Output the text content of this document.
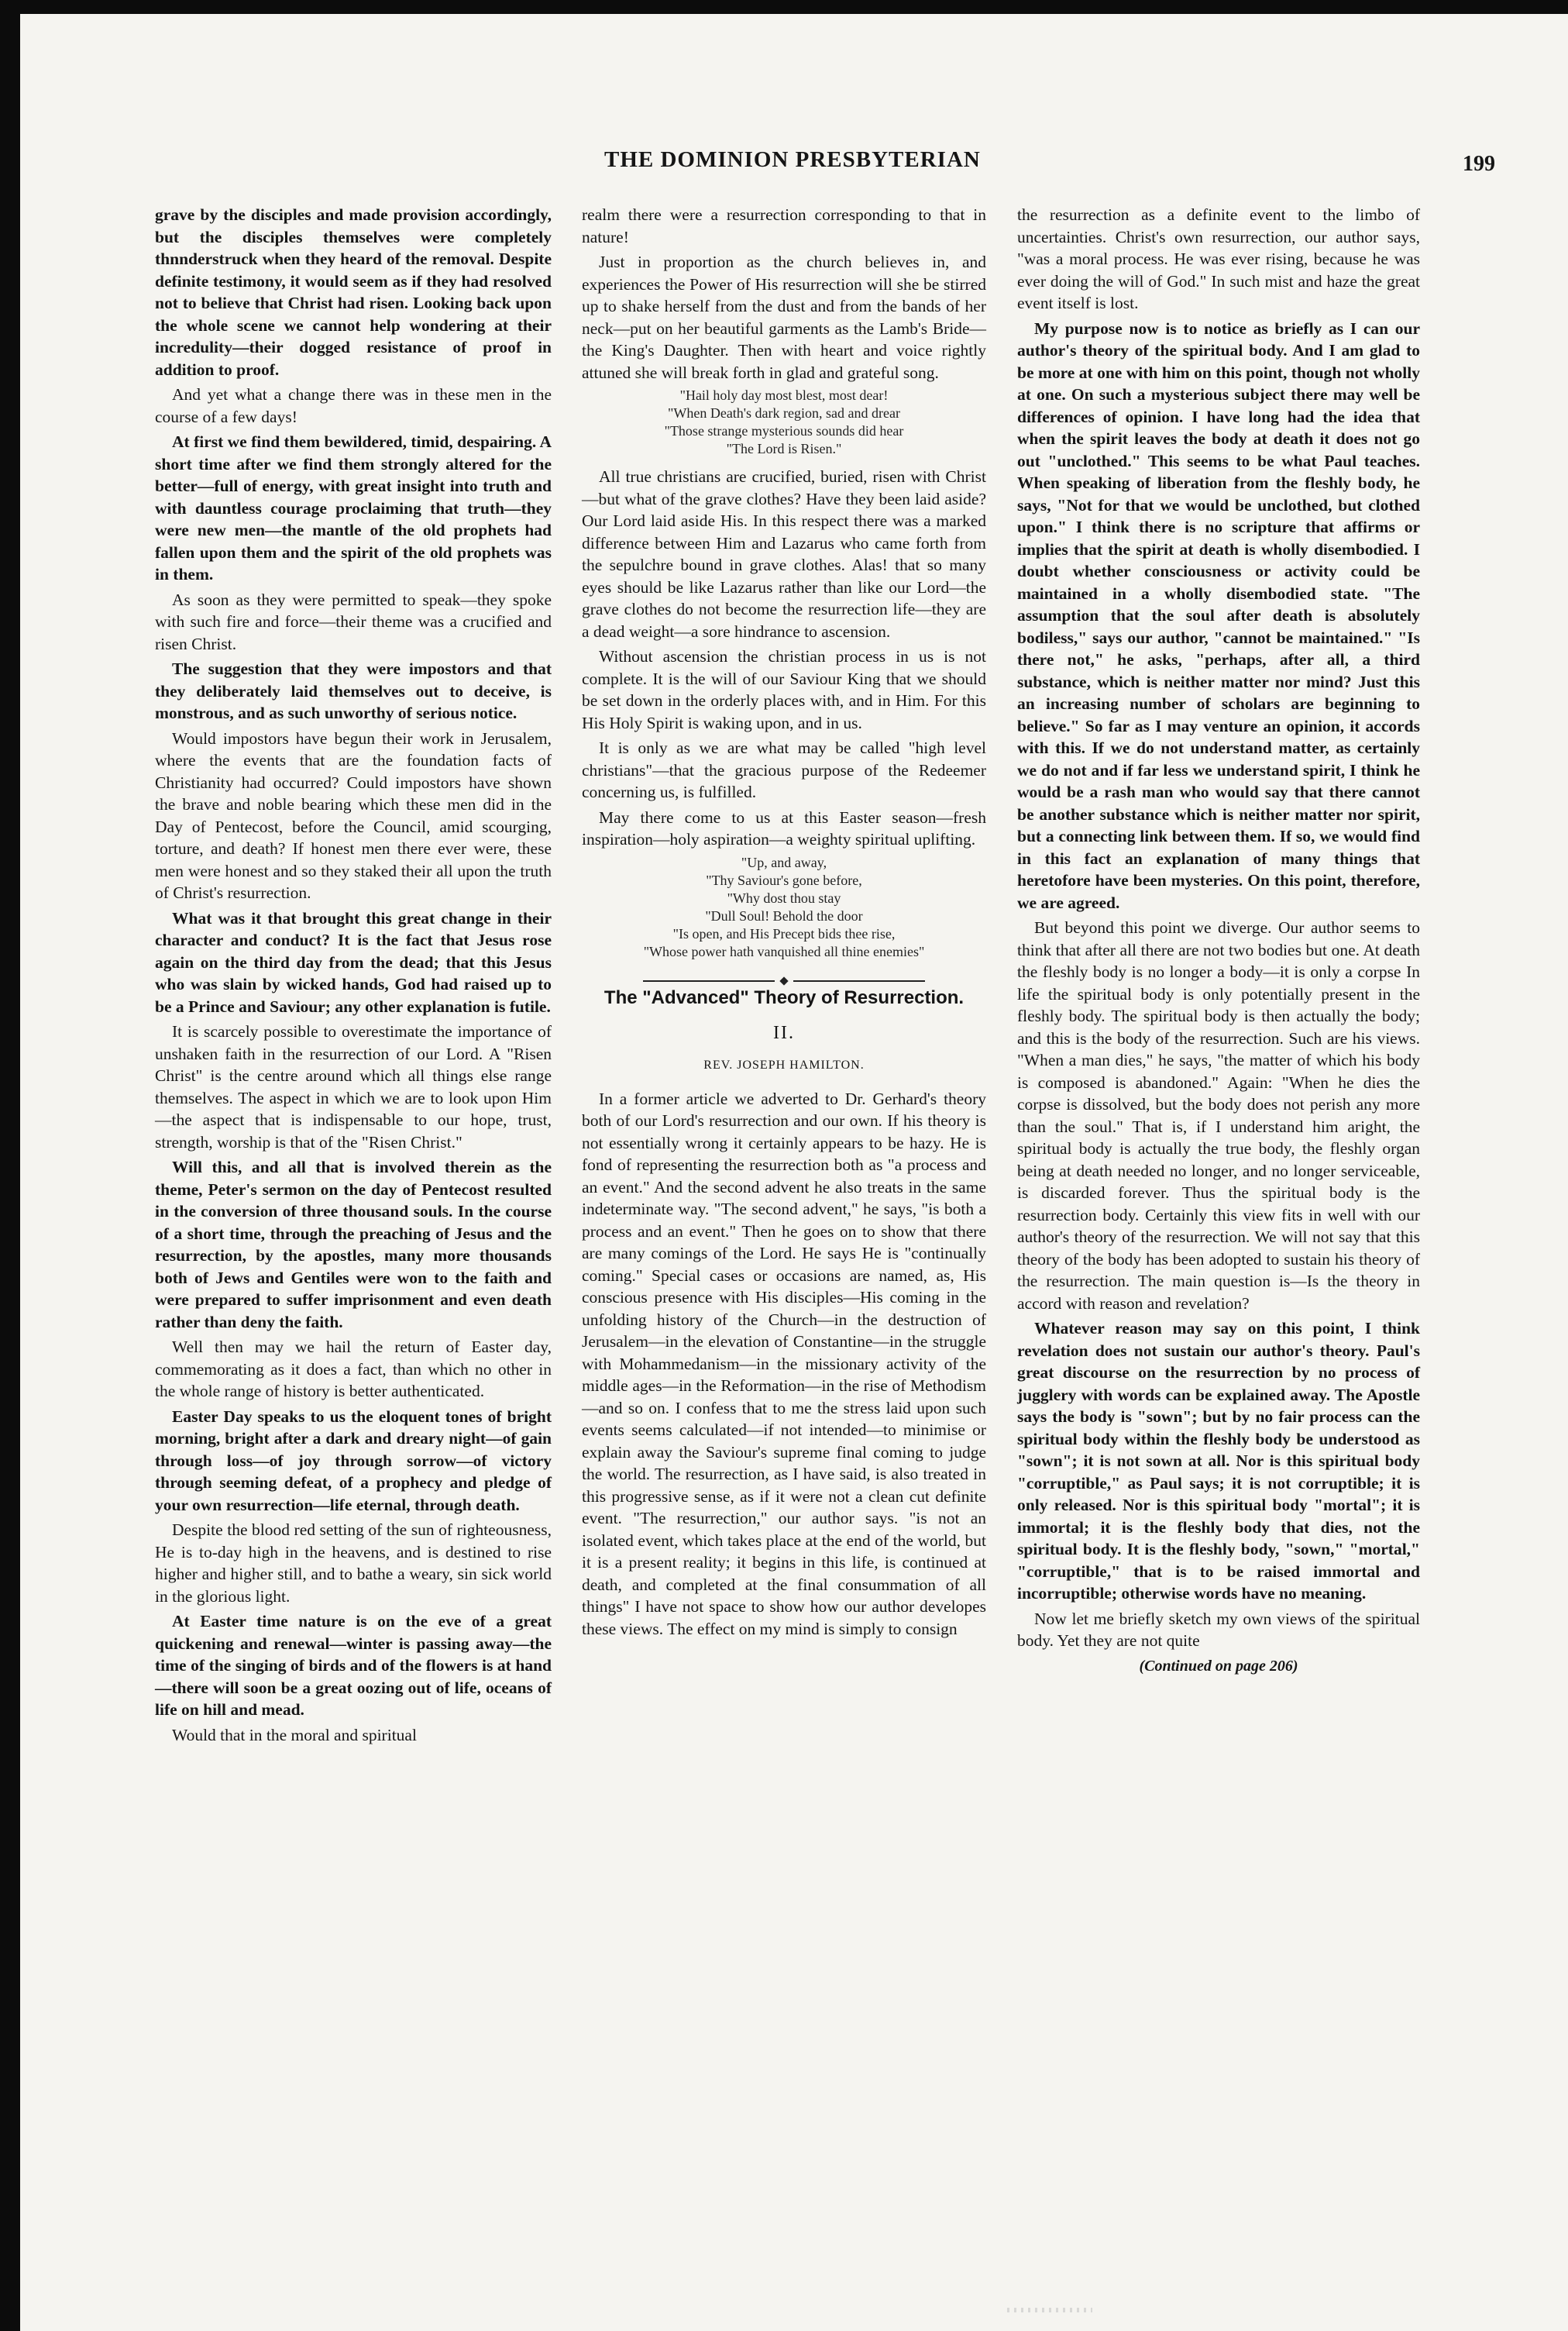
THE DOMINION PRESBYTERIAN	199

grave by the disciples and made provision accordingly, but the disciples themselves were completely thnnderstruck when they heard of the removal. Despite definite testimony, it would seem as if they had resolved not to believe that Christ had risen. Looking back upon the whole scene we cannot help wondering at their incredulity—their dogged resistance of proof in addition to proof.

And yet what a change there was in these men in the course of a few days!

At first we find them bewildered, timid, despairing. A short time after we find them strongly altered for the better—full of energy, with great insight into truth and with dauntless courage proclaiming that truth—they were new men—the mantle of the old prophets had fallen upon them and the spirit of the old prophets was in them.

As soon as they were permitted to speak—they spoke with such fire and force—their theme was a crucified and risen Christ.

The suggestion that they were impostors and that they deliberately laid themselves out to deceive, is monstrous, and as such unworthy of serious notice.

Would impostors have begun their work in Jerusalem, where the events that are the foundation facts of Christianity had occurred? Could impostors have shown the brave and noble bearing which these men did in the Day of Pentecost, before the Council, amid scourging, torture, and death? If honest men there ever were, these men were honest and so they staked their all upon the truth of Christ's resurrection.

What was it that brought this great change in their character and conduct? It is the fact that Jesus rose again on the third day from the dead; that this Jesus who was slain by wicked hands, God had raised up to be a Prince and Saviour; any other explanation is futile.

It is scarcely possible to overestimate the importance of unshaken faith in the resurrection of our Lord. A "Risen Christ" is the centre around which all things else range themselves. The aspect in which we are to look upon Him—the aspect that is indispensable to our hope, trust, strength, worship is that of the "Risen Christ."

Will this, and all that is involved therein as the theme, Peter's sermon on the day of Pentecost resulted in the conversion of three thousand souls. In the course of a short time, through the preaching of Jesus and the resurrection, by the apostles, many more thousands both of Jews and Gentiles were won to the faith and were prepared to suffer imprisonment and even death rather than deny the faith.

Well then may we hail the return of Easter day, commemorating as it does a fact, than which no other in the whole range of history is better authenticated.

Easter Day speaks to us the eloquent tones of bright morning, bright after a dark and dreary night—of gain through loss—of joy through sorrow—of victory through seeming defeat, of a prophecy and pledge of your own resurrection—life eternal, through death.

Despite the blood red setting of the sun of righteousness, He is to-day high in the heavens, and is destined to rise higher and higher still, and to bathe a weary, sin sick world in the glorious light.

At Easter time nature is on the eve of a great quickening and renewal—winter is passing away—the time of the singing of birds and of the flowers is at hand—there will soon be a great oozing out of life, oceans of life on hill and mead.

Would that in the moral and spiritual

realm there were a resurrection corresponding to that in nature!

Just in proportion as the church believes in, and experiences the Power of His resurrection will she be stirred up to shake herself from the dust and from the bands of her neck—put on her beautiful garments as the Lamb's Bride—the King's Daughter. Then with heart and voice rightly attuned she will break forth in glad and grateful song.

"Hail holy day most blest, most dear!
"When Death's dark region, sad and drear
"Those strange mysterious sounds did hear
"The Lord is Risen."

All true christians are crucified, buried, risen with Christ—but what of the grave clothes? Have they been laid aside? Our Lord laid aside His. In this respect there was a marked difference between Him and Lazarus who came forth from the sepulchre bound in grave clothes. Alas! that so many eyes should be like Lazarus rather than like our Lord—the grave clothes do not become the resurrection life—they are a dead weight—a sore hindrance to ascension.

Without ascension the christian process in us is not complete. It is the will of our Saviour King that we should be set down in the orderly places with, and in Him. For this His Holy Spirit is waking upon, and in us.

It is only as we are what may be called "high level christians"—that the gracious purpose of the Redeemer concerning us, is fulfilled.

May there come to us at this Easter season—fresh inspiration—holy aspiration—a weighty spiritual uplifting.

"Up, and away,
"Thy Saviour's gone before,
"Why dost thou stay
"Dull Soul! Behold the door
"Is open, and His Precept bids thee rise,
"Whose power hath vanquished all thine enemies"
The "Advanced" Theory of Resurrection.
II.
REV. JOSEPH HAMILTON.

In a former article we adverted to Dr. Gerhard's theory both of our Lord's resurrection and our own. If his theory is not essentially wrong it certainly appears to be hazy. He is fond of representing the resurrection both as "a process and an event." And the second advent he also treats in the same indeterminate way. "The second advent," he says, "is both a process and an event." Then he goes on to show that there are many comings of the Lord. He says He is "continually coming." Special cases or occasions are named, as, His conscious presence with His disciples—His coming in the unfolding history of the Church—in the destruction of Jerusalem—in the elevation of Constantine—in the struggle with Mohammedanism—in the missionary activity of the middle ages—in the Reformation—in the rise of Methodism—and so on. I confess that to me the stress laid upon such events seems calculated—if not intended—to minimise or explain away the Saviour's supreme final coming to judge the world. The resurrection, as I have said, is also treated in this progressive sense, as if it were not a clean cut definite event. "The resurrection," our author says. "is not an isolated event, which takes place at the end of the world, but it is a present reality; it begins in this life, is continued at death, and completed at the final consummation of all things" I have not space to show how our author developes these views. The effect on my mind is simply to consign

the resurrection as a definite event to the limbo of uncertainties. Christ's own resurrection, our author says, "was a moral process. He was ever rising, because he was ever doing the will of God." In such mist and haze the great event itself is lost.

My purpose now is to notice as briefly as I can our author's theory of the spiritual body. And I am glad to be more at one with him on this point, though not wholly at one. On such a mysterious subject there may well be differences of opinion. I have long had the idea that when the spirit leaves the body at death it does not go out "unclothed." This seems to be what Paul teaches. When speaking of liberation from the fleshly body, he says, "Not for that we would be unclothed, but clothed upon." I think there is no scripture that affirms or implies that the spirit at death is wholly disembodied. I doubt whether consciousness or activity could be maintained in a wholly disembodied state. "The assumption that the soul after death is absolutely bodiless," says our author, "cannot be maintained." "Is there not," he asks, "perhaps, after all, a third substance, which is neither matter nor mind? Just this an increasing number of scholars are beginning to believe." So far as I may venture an opinion, it accords with this. If we do not understand matter, as certainly we do not and if far less we understand spirit, I think he would be a rash man who would say that there cannot be another substance which is neither matter nor spirit, but a connecting link between them. If so, we would find in this fact an explanation of many things that heretofore have been mysteries. On this point, therefore, we are agreed.

But beyond this point we diverge. Our author seems to think that after all there are not two bodies but one. At death the fleshly body is no longer a body—it is only a corpse In life the spiritual body is only potentially present in the fleshly body. The spiritual body is then actually the body; and this is the body of the resurrection. Such are his views. "When a man dies," he says, "the matter of which his body is composed is abandoned." Again: "When he dies the corpse is dissolved, but the body does not perish any more than the soul." That is, if I understand him aright, the spiritual body is actually the true body, the fleshly organ being at death needed no longer, and no longer serviceable, is discarded forever. Thus the spiritual body is the resurrection body. Certainly this view fits in well with our author's theory of the resurrection. We will not say that this theory of the body has been adopted to sustain his theory of the resurrection. The main question is—Is the theory in accord with reason and revelation?

Whatever reason may say on this point, I think revelation does not sustain our author's theory. Paul's great discourse on the resurrection by no process of jugglery with words can be explained away. The Apostle says the body is "sown"; but by no fair process can the spiritual body within the fleshly body be understood as "sown"; it is not sown at all. Nor is this spiritual body "corruptible," as Paul says; it is not corruptible; it is only released. Nor is this spiritual body "mortal"; it is immortal; it is the fleshly body that dies, not the spiritual body. It is the fleshly body, "sown," "mortal," "corruptible," that is to be raised immortal and incorruptible; otherwise words have no meaning.

Now let me briefly sketch my own views of the spiritual body. Yet they are not quite

(Continued on page 206)
